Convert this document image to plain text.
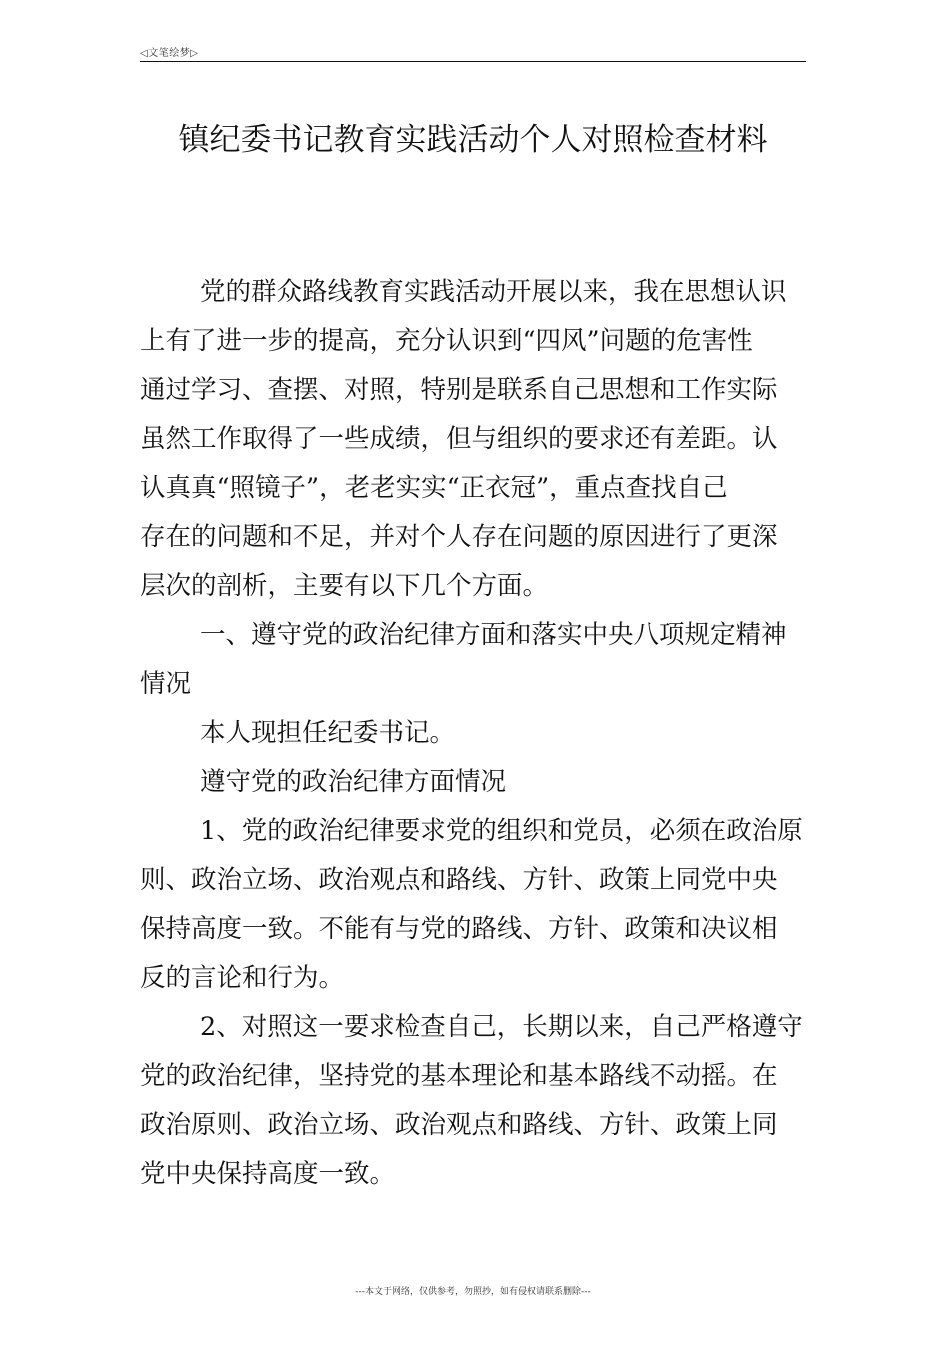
◁文笔绘梦▷
镇纪委书记教育实践活动个人对照检查材料
党的群众路线教育实践活动开展以来，我在思想认识
上有了进一步的提高，充分认识到“四风”问题的危害性
通过学习、查摆、对照，特别是联系自己思想和工作实际
虽然工作取得了一些成绩，但与组织的要求还有差距。认
认真真“照镜子”，老老实实“正衣冠”，重点查找自己
存在的问题和不足，并对个人存在问题的原因进行了更深
层次的剖析，主要有以下几个方面。
一、遵守党的政治纪律方面和落实中央八项规定精神
情况
本人现担任纪委书记。
遵守党的政治纪律方面情况
1、党的政治纪律要求党的组织和党员，必须在政治原
则、政治立场、政治观点和路线、方针、政策上同党中央
保持高度一致。不能有与党的路线、方针、政策和决议相
反的言论和行为。
2、对照这一要求检查自己，长期以来，自己严格遵守
党的政治纪律，坚持党的基本理论和基本路线不动摇。在
政治原则、政治立场、政治观点和路线、方针、政策上同
党中央保持高度一致。
---本文于网络，仅供参考，勿照抄，如有侵权请联系删除---
